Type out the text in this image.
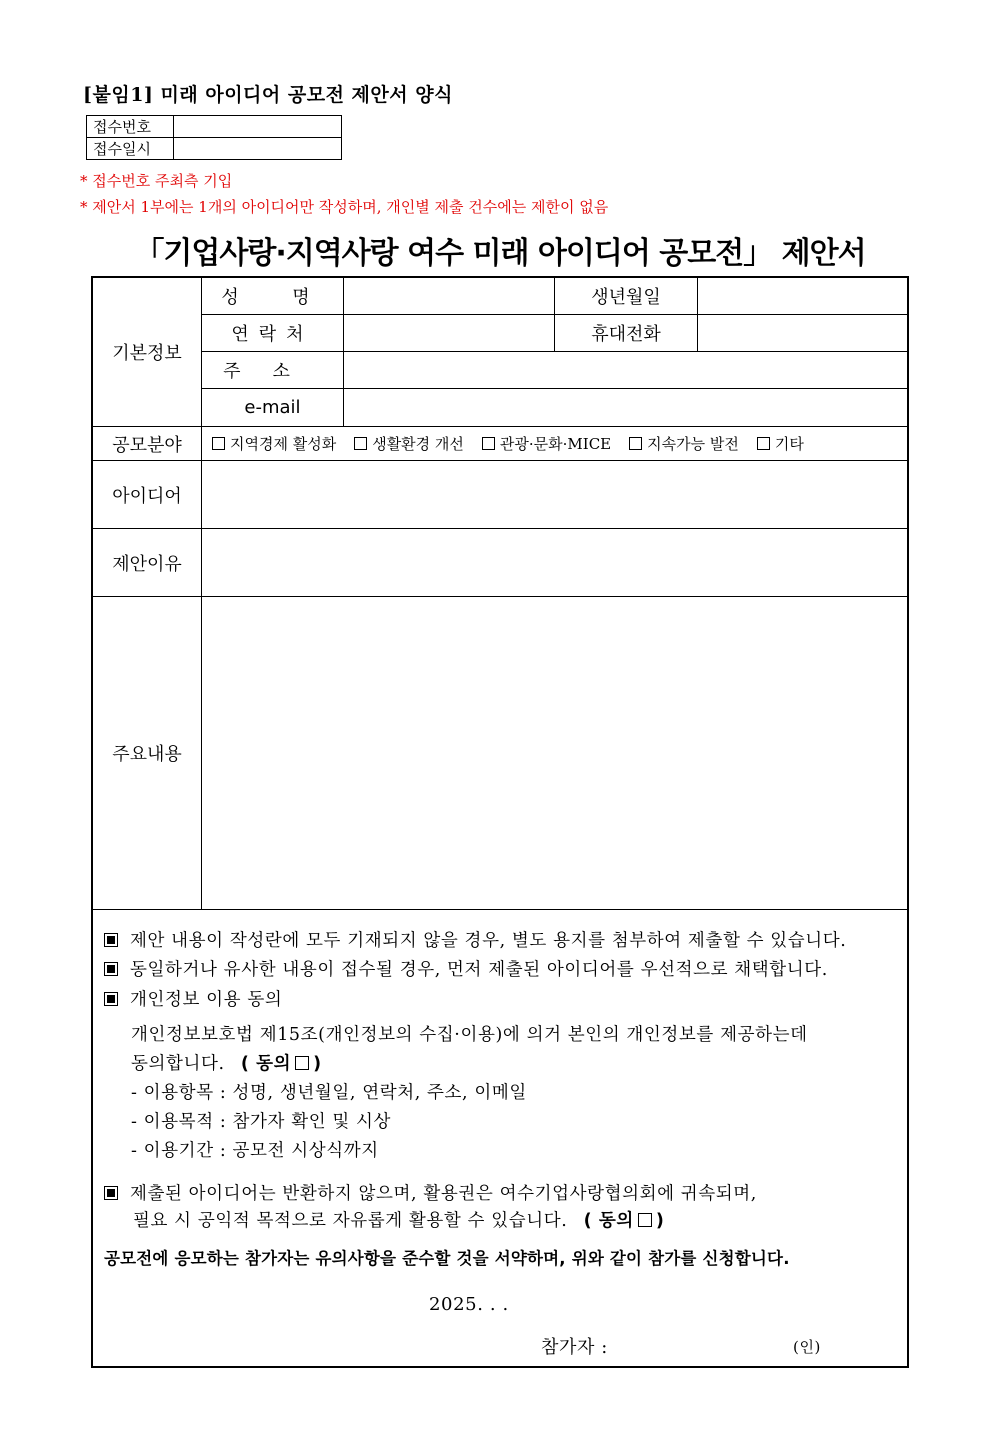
[붙임1] 미래 아이디어 공모전 제안서 양식
접수번호	
접수일시	
* 접수번호 주최측 기입
* 제안서 1부에는 1개의 아이디어만 작성하며, 개인별 제출 건수에는 제한이 없음
「기업사랑·지역사랑 여수 미래 아이디어 공모전」 제안서
기본정보
성  명	생년월일
연락처	휴대전화
주소
e-mail
공모분야	지역경제 활성화 생활환경 개선 관광·문화·MICE 지속가능 발전 기타
아이디어
제안이유
주요내용
제안 내용이 작성란에 모두 기재되지 않을 경우, 별도 용지를 첨부하여 제출할 수 있습니다.
동일하거나 유사한 내용이 접수될 경우, 먼저 제출된 아이디어를 우선적으로 채택합니다.
개인정보 이용 동의
개인정보보호법 제15조(개인정보의 수집·이용)에 의거 본인의 개인정보를 제공하는데
동의합니다. ( 동의 )
- 이용항목 : 성명, 생년월일, 연락처, 주소, 이메일
- 이용목적 : 참가자 확인 및 시상
- 이용기간 : 공모전 시상식까지
제출된 아이디어는 반환하지 않으며, 활용권은 여수기업사랑협의회에 귀속되며,
필요 시 공익적 목적으로 자유롭게 활용할 수 있습니다. ( 동의 )
공모전에 응모하는 참가자는 유의사항을 준수할 것을 서약하며, 위와 같이 참가를 신청합니다.
2025. . .
참가자 :	(인)
